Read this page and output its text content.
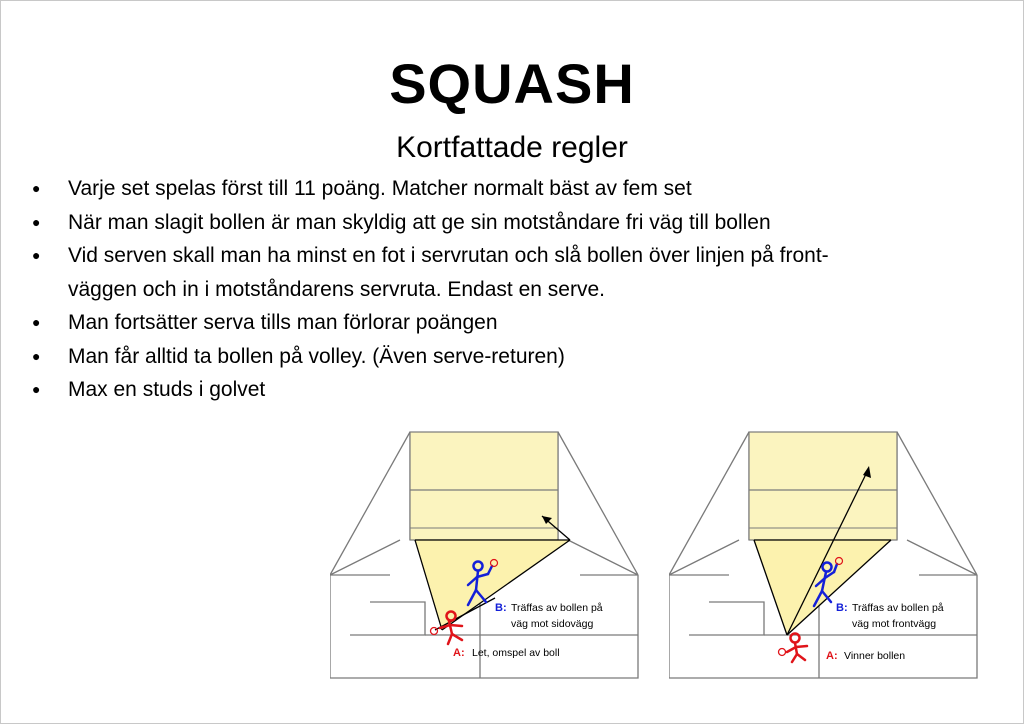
SQUASH
Kortfattade regler
● Varje set spelas först till 11 poäng. Matcher normalt bäst av fem set
● När man slagit bollen är man skyldig att ge sin motståndare fri väg till bollen
● Vid serven skall man ha minst en fot i servrutan och slå bollen över linjen på front-
väggen och in i motståndarens servruta. Endast en serve.
● Man fortsätter serva tills man förlorar poängen
● Man får alltid ta bollen på volley. (Även serve-returen)
● Max en studs i golvet
B: Träffas av bollen på
väg mot sidovägg
A: Let, omspel av boll
B: Träffas av bollen på
väg mot frontvägg
A: Vinner bollen
